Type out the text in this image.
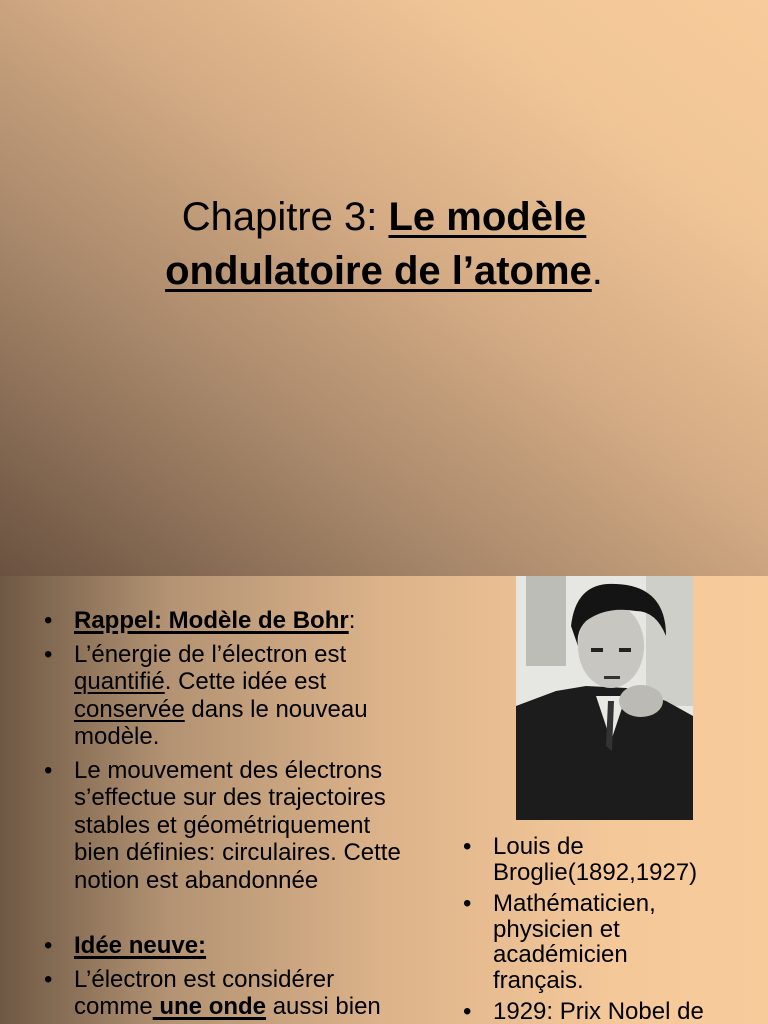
Chapitre 3: Le modèle
ondulatoire de l’atome.
• Rappel: Modèle de Bohr:
• L’énergie de l’électron est
quantifié. Cette idée est
conservée dans le nouveau
modèle.
• Le mouvement des électrons
s’effectue sur des trajectoires
stables et géométriquement
bien définies: circulaires. Cette
notion est abandonnée
• Idée neuve:
• L’électron est considérer
comme une onde aussi bien
• Louis de
Broglie(1892,1927)
• Mathématicien,
physicien et
académicien
français.
• 1929: Prix Nobel de
